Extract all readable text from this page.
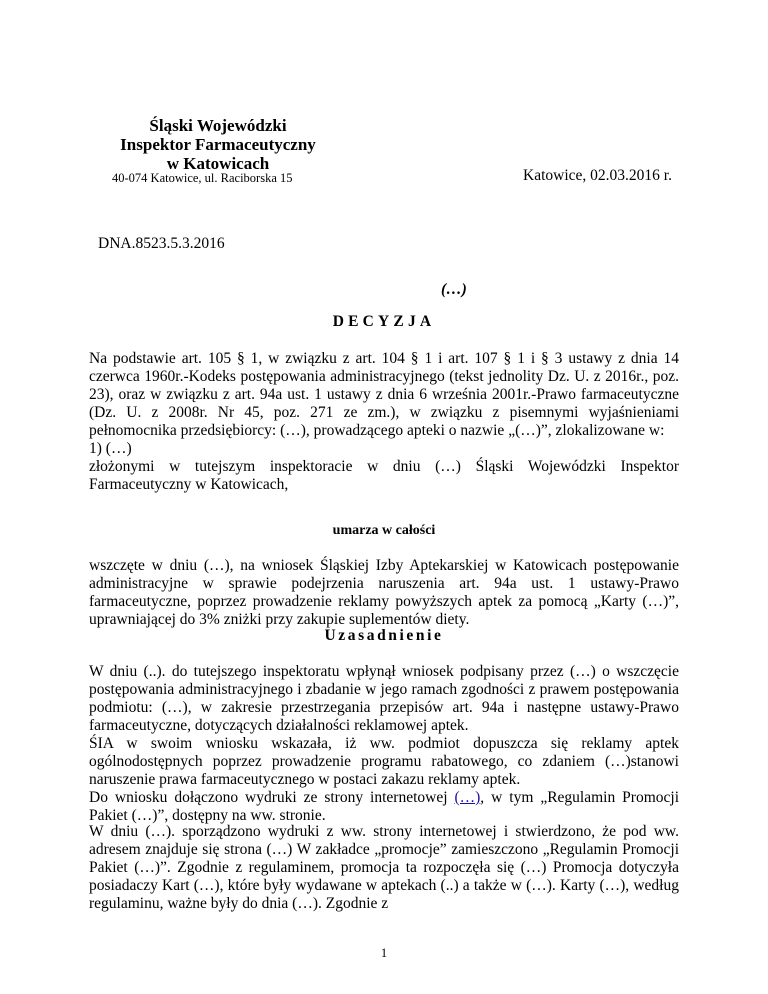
Śląski Wojewódzki
Inspektor Farmaceutyczny
w Katowicach
40-074 Katowice, ul. Raciborska 15	Katowice, 02.03.2016 r.
DNA.8523.5.3.2016
(…)
DECYZJA

Na podstawie art. 105 § 1, w związku z art. 104 § 1 i art. 107 § 1 i § 3 ustawy z dnia 14 czerwca 1960r.-Kodeks postępowania administracyjnego (tekst jednolity Dz. U. z 2016r., poz. 23), oraz w związku z art. 94a ust. 1 ustawy z dnia 6 września 2001r.-Prawo farmaceutyczne (Dz. U. z 2008r. Nr 45, poz. 271 ze zm.), w związku z pisemnymi wyjaśnieniami pełnomocnika przedsiębiorcy: (…), prowadzącego apteki o nazwie „(…)”, zlokalizowane w:

1) (…)

złożonymi w tutejszym inspektoracie w dniu (…) Śląski Wojewódzki Inspektor Farmaceutyczny w Katowicach,

umarza w całości

wszczęte w dniu (…), na wniosek Śląskiej Izby Aptekarskiej w Katowicach postępowanie administracyjne w sprawie podejrzenia naruszenia art. 94a ust. 1 ustawy-Prawo farmaceutyczne, poprzez prowadzenie reklamy powyższych aptek za pomocą „Karty (…)”, uprawniającej do 3% zniżki przy zakupie suplementów diety.

Uzasadnienie

W dniu (..). do tutejszego inspektoratu wpłynął wniosek podpisany przez (…) o wszczęcie postępowania administracyjnego i zbadanie w jego ramach zgodności z prawem postępowania podmiotu: (…), w zakresie przestrzegania przepisów art. 94a i następne ustawy-Prawo farmaceutyczne, dotyczących działalności reklamowej aptek.

ŚIA w swoim wniosku wskazała, iż ww. podmiot dopuszcza się reklamy aptek ogólnodostępnych poprzez prowadzenie programu rabatowego, co zdaniem (…)stanowi naruszenie prawa farmaceutycznego w postaci zakazu reklamy aptek.

Do wniosku dołączono wydruki ze strony internetowej (…), w tym „Regulamin Promocji Pakiet (…)”, dostępny na ww. stronie.

W dniu (…). sporządzono wydruki z ww. strony internetowej i stwierdzono, że pod ww. adresem znajduje się strona (…) W zakładce „promocje” zamieszczono „Regulamin Promocji Pakiet (…)”. Zgodnie z regulaminem, promocja ta rozpoczęła się (…) Promocja dotyczyła posiadaczy Kart (…), które były wydawane w aptekach (..) a także w (…). Karty (…), według regulaminu, ważne były do dnia (…). Zgodnie z

1
